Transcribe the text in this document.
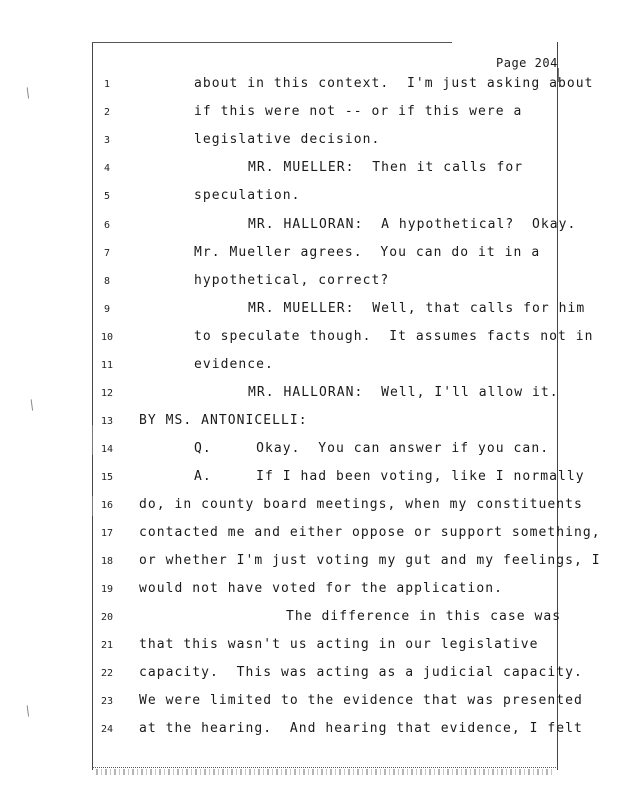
/
/
/
Page 204
1	about in this context.  I'm just asking about
2	if this were not -- or if this were a
3	legislative decision.
4	MR. MUELLER:  Then it calls for
5	speculation.
6	MR. HALLORAN:  A hypothetical?  Okay.
7	Mr. Mueller agrees.  You can do it in a
8	hypothetical, correct?
9	MR. MUELLER:  Well, that calls for him
10	to speculate though.  It assumes facts not in
11	evidence.
12	MR. HALLORAN:  Well, I'll allow it.
13	BY MS. ANTONICELLI:
14	Q.     Okay.  You can answer if you can.
15	A.     If I had been voting, like I normally
16	do, in county board meetings, when my constituents
17	contacted me and either oppose or support something,
18	or whether I'm just voting my gut and my feelings, I
19	would not have voted for the application.
20	The difference in this case was
21	that this wasn't us acting in our legislative
22	capacity.  This was acting as a judicial capacity.
23	We were limited to the evidence that was presented
24	at the hearing.  And hearing that evidence, I felt
